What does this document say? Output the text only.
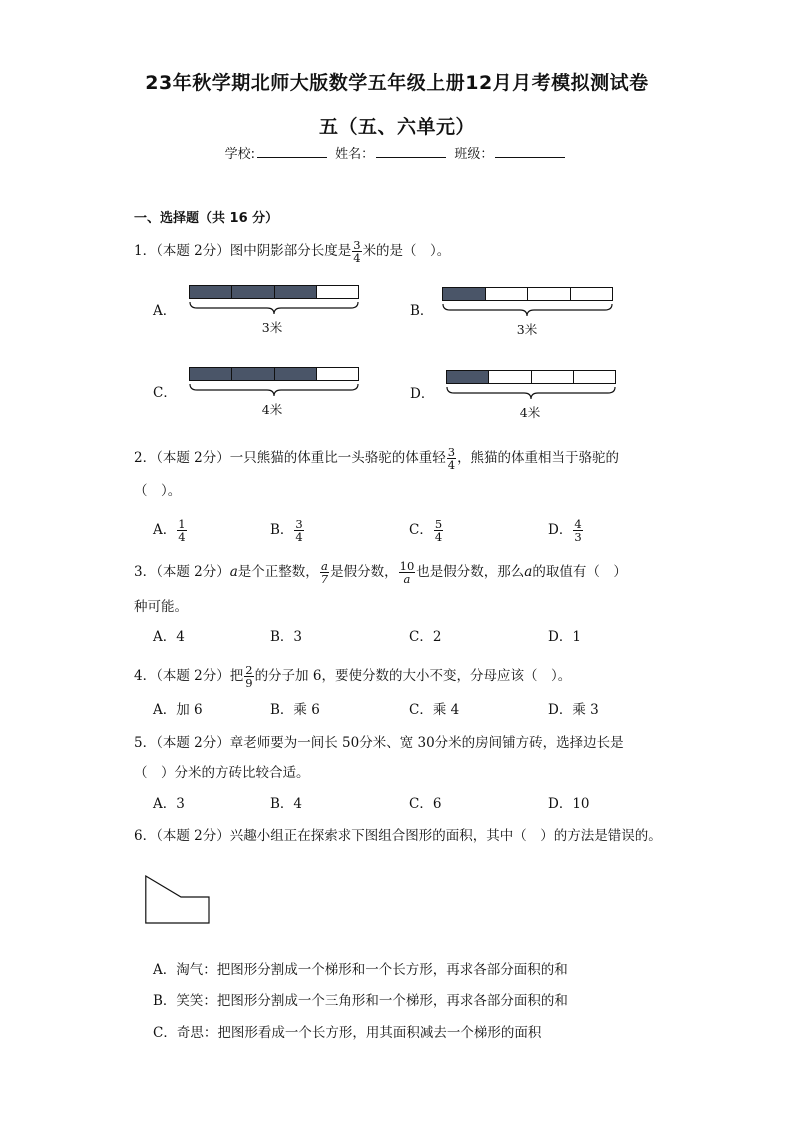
23年秋学期北师大版数学五年级上册12月月考模拟测试卷
五（五、六单元）
学校:	姓名：	班级：
一、选择题（共 16 分）
1．（本题 2分）图中阴影部分长度是 $\frac{3}{4}$ 米的是（　）。
A．
3米
B．
3米
C．
4米
D．
4米
2．（本题 2分）一只熊猫的体重比一头骆驼的体重轻 $\frac{3}{4}$ ，熊猫的体重相当于骆驼的
（　）。
A． $\frac{1}{4}$	B． $\frac{3}{4}$	C． $\frac{5}{4}$	D． $\frac{4}{3}$
3．（本题 2分）a是个正整数， $\frac{a}{7}$ 是假分数， $\frac{10}{a}$ 也是假分数，那么a的取值有（　）
种可能。
A．4	B．3	C．2	D．1
4．（本题 2分）把 $\frac{2}{9}$ 的分子加 6，要使分数的大小不变，分母应该（　）。
A．加 6	B．乘 6	C．乘 4	D．乘 3
5．（本题 2分）章老师要为一间长 50分米、宽 30分米的房间铺方砖，选择边长是
（　）分米的方砖比较合适。
A．3	B．4	C．6	D．10
6．（本题 2分）兴趣小组正在探索求下图组合图形的面积，其中（　）的方法是错误的。
A．淘气：把图形分割成一个梯形和一个长方形，再求各部分面积的和
B．笑笑：把图形分割成一个三角形和一个梯形，再求各部分面积的和
C．奇思：把图形看成一个长方形，用其面积减去一个梯形的面积
